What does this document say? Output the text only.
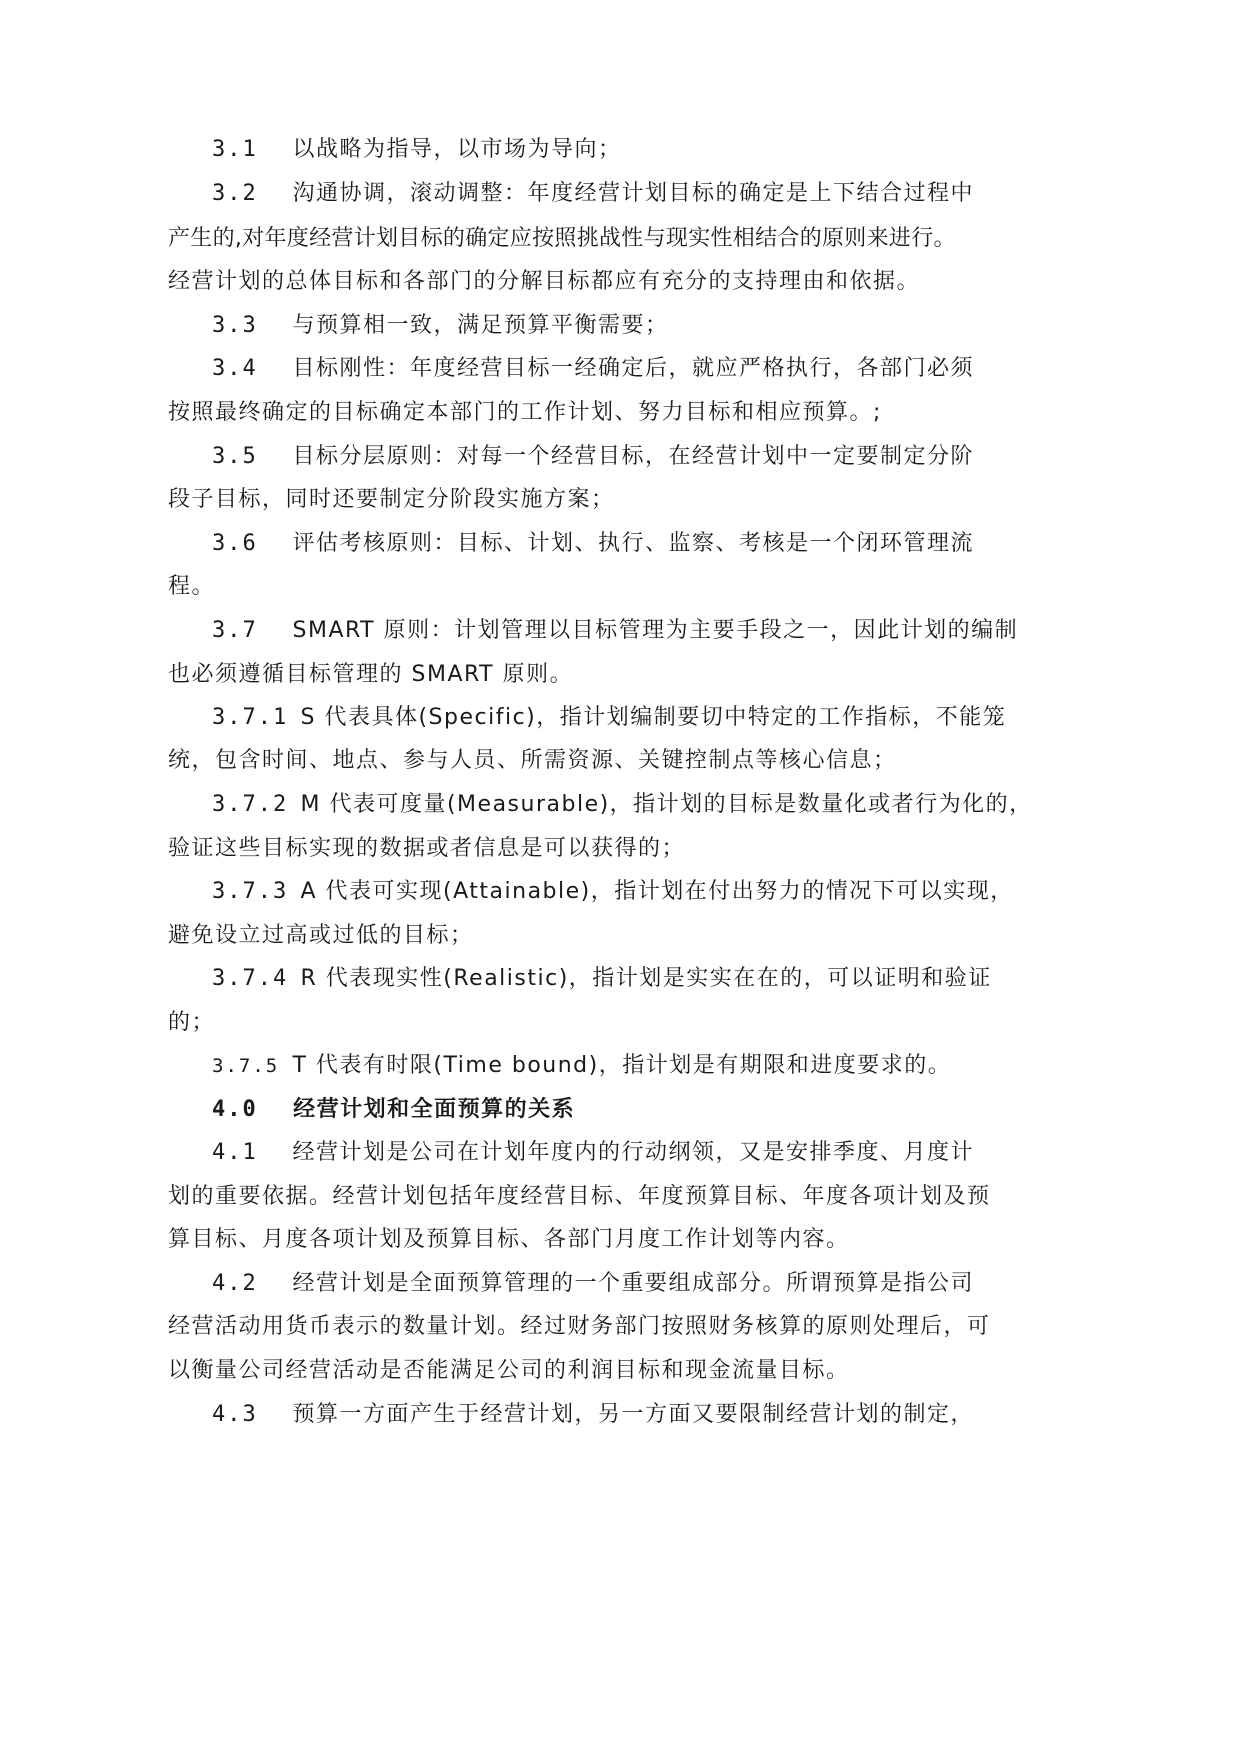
3.1 以战略为指导，以市场为导向；
3.2 沟通协调，滚动调整：年度经营计划目标的确定是上下结合过程中
产生的,对年度经营计划目标的确定应按照挑战性与现实性相结合的原则来进行。
经营计划的总体目标和各部门的分解目标都应有充分的支持理由和依据。
3.3 与预算相一致，满足预算平衡需要；
3.4 目标刚性：年度经营目标一经确定后，就应严格执行，各部门必须
按照最终确定的目标确定本部门的工作计划、努力目标和相应预算。;
3.5 目标分层原则：对每一个经营目标，在经营计划中一定要制定分阶
段子目标，同时还要制定分阶段实施方案；
3.6 评估考核原则：目标、计划、执行、监察、考核是一个闭环管理流
程。
3.7 SMART 原则：计划管理以目标管理为主要手段之一，因此计划的编制
也必须遵循目标管理的 SMART 原则。
3.7.1 S 代表具体(Specific)，指计划编制要切中特定的工作指标，不能笼
统，包含时间、地点、参与人员、所需资源、关键控制点等核心信息；
3.7.2 M 代表可度量(Measurable)，指计划的目标是数量化或者行为化的，
验证这些目标实现的数据或者信息是可以获得的；
3.7.3 A 代表可实现(Attainable)，指计划在付出努力的情况下可以实现，
避免设立过高或过低的目标；
3.7.4 R 代表现实性(Realistic)，指计划是实实在在的，可以证明和验证
的；
3.7.5 T 代表有时限(Time bound)，指计划是有期限和进度要求的。
4.0 经营计划和全面预算的关系
4.1 经营计划是公司在计划年度内的行动纲领，又是安排季度、月度计
划的重要依据。经营计划包括年度经营目标、年度预算目标、年度各项计划及预
算目标、月度各项计划及预算目标、各部门月度工作计划等内容。
4.2 经营计划是全面预算管理的一个重要组成部分。所谓预算是指公司
经营活动用货币表示的数量计划。经过财务部门按照财务核算的原则处理后，可
以衡量公司经营活动是否能满足公司的利润目标和现金流量目标。
4.3 预算一方面产生于经营计划，另一方面又要限制经营计划的制定，
